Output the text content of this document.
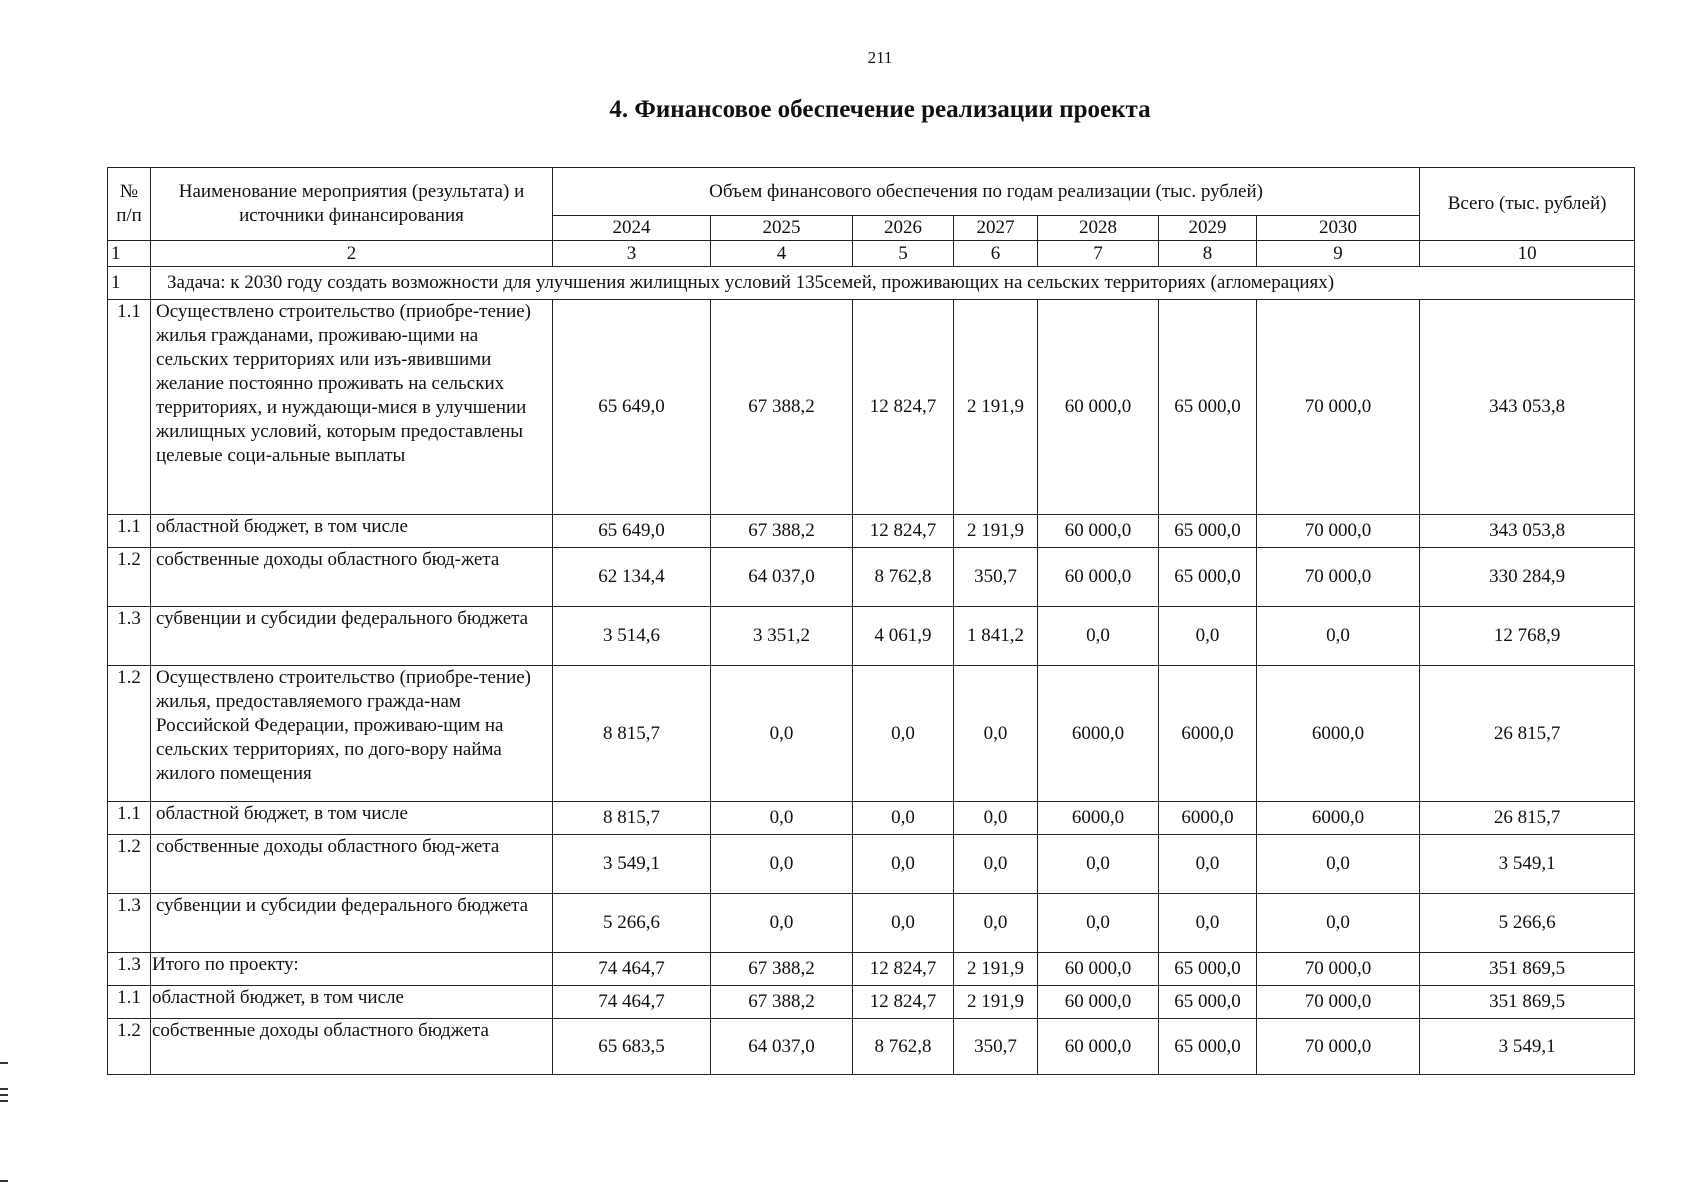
211
4. Финансовое обеспечение реализации проекта
№ п/п	Наименование мероприятия (результата) и источники финансирования	Объем финансового обеспечения по годам реализации (тыс. рублей)							Всего (тыс. рублей)
		2024	2025	2026	2027	2028	2029	2030	
1	2	3	4	5	6	7	8	9	10
1	Задача: к 2030 году создать возможности для улучшения жилищных условий 135семей, проживающих на сельских территориях (агломерациях)								
1.1	Осуществлено строительство (приобре-тение) жилья гражданами, проживаю-щими на сельских территориях или изъ-явившими желание постоянно проживать на сельских территориях, и нуждающи-мися в улучшении жилищных условий, которым предоставлены целевые соци-альные выплаты	65 649,0	67 388,2	12 824,7	2 191,9	60 000,0	65 000,0	70 000,0	343 053,8
1.1	областной бюджет, в том числе	65 649,0	67 388,2	12 824,7	2 191,9	60 000,0	65 000,0	70 000,0	343 053,8
1.2	собственные доходы областного бюд-жета	62 134,4	64 037,0	8 762,8	350,7	60 000,0	65 000,0	70 000,0	330 284,9
1.3	субвенции и субсидии федерального бюджета	3 514,6	3 351,2	4 061,9	1 841,2	0,0	0,0	0,0	12 768,9
1.2	Осуществлено строительство (приобре-тение) жилья, предоставляемого гражда-нам Российской Федерации, проживаю-щим на сельских территориях, по дого-вору найма жилого помещения	8 815,7	0,0	0,0	0,0	6000,0	6000,0	6000,0	26 815,7
1.1	областной бюджет, в том числе	8 815,7	0,0	0,0	0,0	6000,0	6000,0	6000,0	26 815,7
1.2	собственные доходы областного бюд-жета	3 549,1	0,0	0,0	0,0	0,0	0,0	0,0	3 549,1
1.3	субвенции и субсидии федерального бюджета	5 266,6	0,0	0,0	0,0	0,0	0,0	0,0	5 266,6
1.3	Итого по проекту:	74 464,7	67 388,2	12 824,7	2 191,9	60 000,0	65 000,0	70 000,0	351 869,5
1.1	областной бюджет, в том числе	74 464,7	67 388,2	12 824,7	2 191,9	60 000,0	65 000,0	70 000,0	351 869,5
1.2	собственные доходы областного бюджета	65 683,5	64 037,0	8 762,8	350,7	60 000,0	65 000,0	70 000,0	3 549,1
